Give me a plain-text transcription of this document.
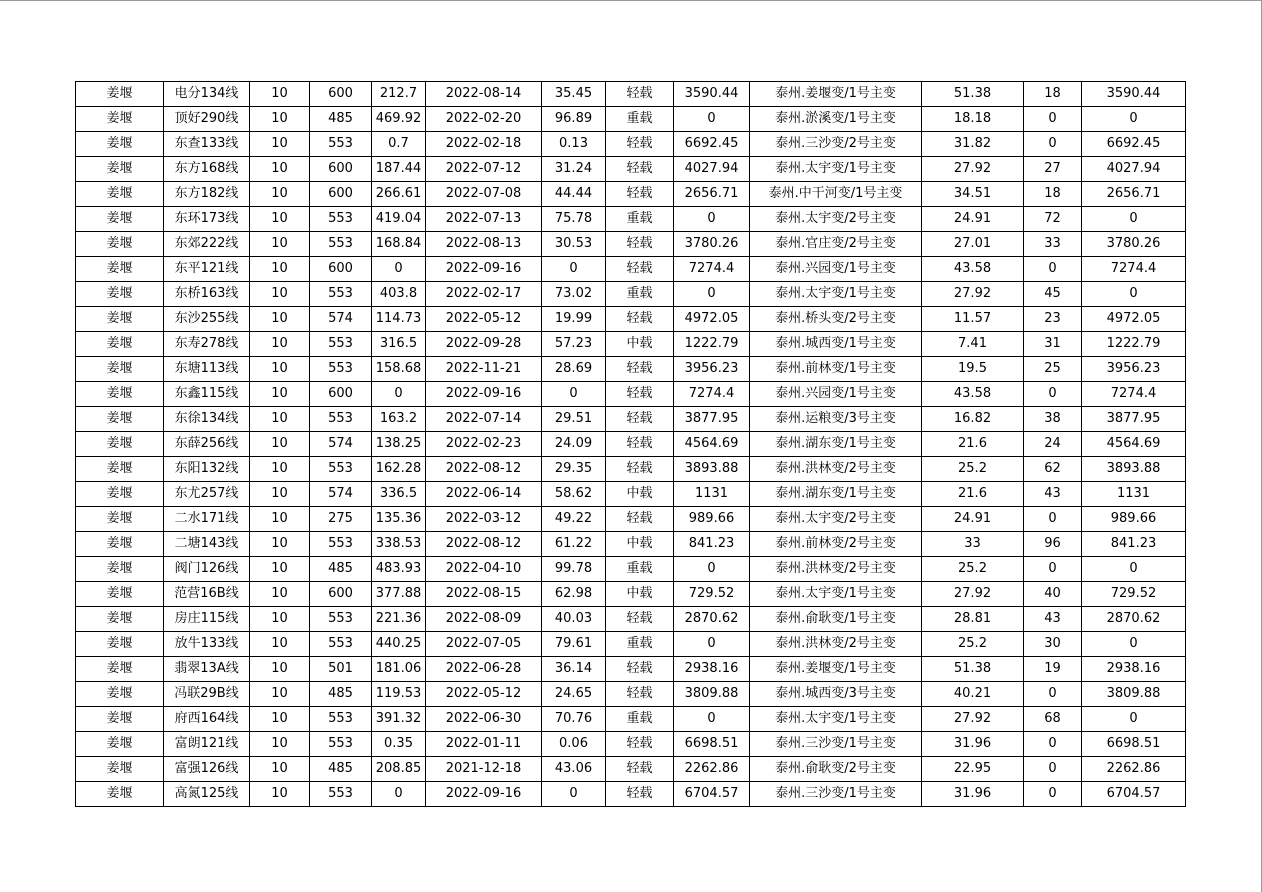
姜堰	电分134线	10	600	212.7	2022-08-14	35.45	轻载	3590.44	泰州.姜堰变/1号主变	51.38	18	3590.44
姜堰	顶好290线	10	485	469.92	2022-02-20	96.89	重载	0	泰州.淤溪变/1号主变	18.18	0	0
姜堰	东查133线	10	553	0.7	2022-02-18	0.13	轻载	6692.45	泰州.三沙变/2号主变	31.82	0	6692.45
姜堰	东方168线	10	600	187.44	2022-07-12	31.24	轻载	4027.94	泰州.太宇变/1号主变	27.92	27	4027.94
姜堰	东方182线	10	600	266.61	2022-07-08	44.44	轻载	2656.71	泰州.中干河变/1号主变	34.51	18	2656.71
姜堰	东环173线	10	553	419.04	2022-07-13	75.78	重载	0	泰州.太宇变/2号主变	24.91	72	0
姜堰	东郊222线	10	553	168.84	2022-08-13	30.53	轻载	3780.26	泰州.官庄变/2号主变	27.01	33	3780.26
姜堰	东平121线	10	600	0	2022-09-16	0	轻载	7274.4	泰州.兴园变/1号主变	43.58	0	7274.4
姜堰	东桥163线	10	553	403.8	2022-02-17	73.02	重载	0	泰州.太宇变/1号主变	27.92	45	0
姜堰	东沙255线	10	574	114.73	2022-05-12	19.99	轻载	4972.05	泰州.桥头变/2号主变	11.57	23	4972.05
姜堰	东寿278线	10	553	316.5	2022-09-28	57.23	中载	1222.79	泰州.城西变/1号主变	7.41	31	1222.79
姜堰	东塘113线	10	553	158.68	2022-11-21	28.69	轻载	3956.23	泰州.前林变/1号主变	19.5	25	3956.23
姜堰	东鑫115线	10	600	0	2022-09-16	0	轻载	7274.4	泰州.兴园变/1号主变	43.58	0	7274.4
姜堰	东徐134线	10	553	163.2	2022-07-14	29.51	轻载	3877.95	泰州.运粮变/3号主变	16.82	38	3877.95
姜堰	东薛256线	10	574	138.25	2022-02-23	24.09	轻载	4564.69	泰州.湖东变/1号主变	21.6	24	4564.69
姜堰	东阳132线	10	553	162.28	2022-08-12	29.35	轻载	3893.88	泰州.洪林变/2号主变	25.2	62	3893.88
姜堰	东尤257线	10	574	336.5	2022-06-14	58.62	中载	1131	泰州.湖东变/1号主变	21.6	43	1131
姜堰	二水171线	10	275	135.36	2022-03-12	49.22	轻载	989.66	泰州.太宇变/2号主变	24.91	0	989.66
姜堰	二塘143线	10	553	338.53	2022-08-12	61.22	中载	841.23	泰州.前林变/2号主变	33	96	841.23
姜堰	阀门126线	10	485	483.93	2022-04-10	99.78	重载	0	泰州.洪林变/2号主变	25.2	0	0
姜堰	范营16B线	10	600	377.88	2022-08-15	62.98	中载	729.52	泰州.太宇变/1号主变	27.92	40	729.52
姜堰	房庄115线	10	553	221.36	2022-08-09	40.03	轻载	2870.62	泰州.俞耿变/1号主变	28.81	43	2870.62
姜堰	放牛133线	10	553	440.25	2022-07-05	79.61	重载	0	泰州.洪林变/2号主变	25.2	30	0
姜堰	翡翠13A线	10	501	181.06	2022-06-28	36.14	轻载	2938.16	泰州.姜堰变/1号主变	51.38	19	2938.16
姜堰	冯联29B线	10	485	119.53	2022-05-12	24.65	轻载	3809.88	泰州.城西变/3号主变	40.21	0	3809.88
姜堰	府西164线	10	553	391.32	2022-06-30	70.76	重载	0	泰州.太宇变/1号主变	27.92	68	0
姜堰	富朗121线	10	553	0.35	2022-01-11	0.06	轻载	6698.51	泰州.三沙变/1号主变	31.96	0	6698.51
姜堰	富强126线	10	485	208.85	2021-12-18	43.06	轻载	2262.86	泰州.俞耿变/2号主变	22.95	0	2262.86
姜堰	高氮125线	10	553	0	2022-09-16	0	轻载	6704.57	泰州.三沙变/1号主变	31.96	0	6704.57
